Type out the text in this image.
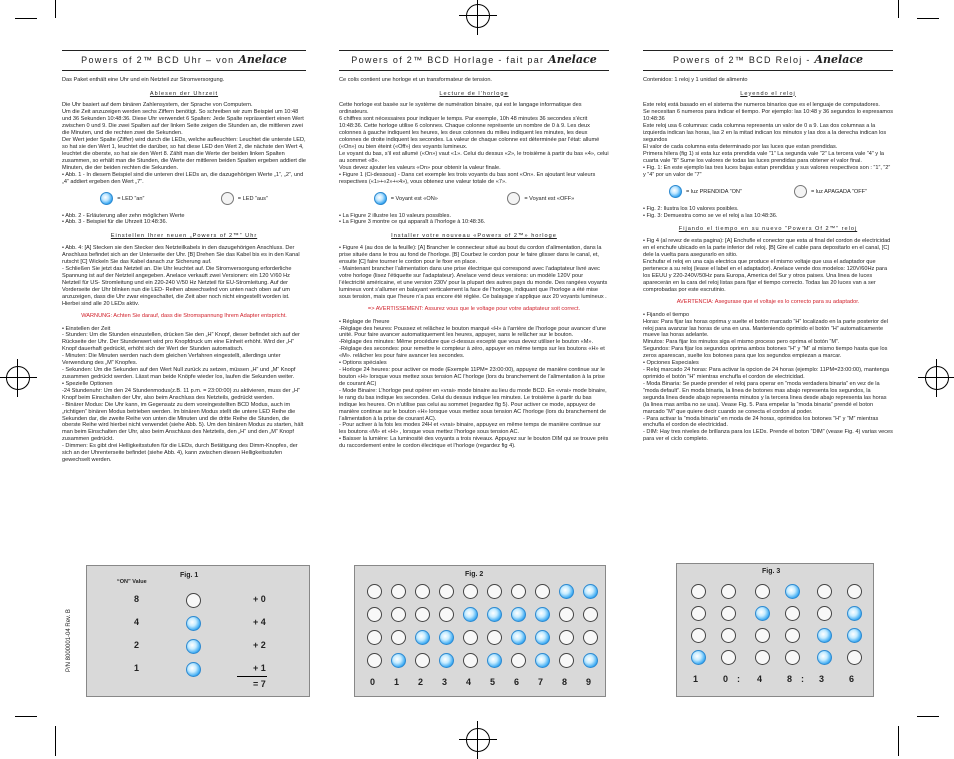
Powers of 2™ BCD Uhr – von Anelace
Das Paket enthält eine Uhr und ein Netzteil zur Stromversorgung.
Ablesen der Uhrzeit
Die Uhr basiert auf dem binären Zahlensystem, der Sprache von Computern.
Um die Zeit anzuzeigen werden sechs Ziffern benötigt. So schreiben wir zum Beispiel um 10:48 und 36 Sekunden 10:48:36. Diese Uhr verwendet 6 Spalten: Jede Spalte repräsentiert einen Wert zwischen 0 und 9. Die zwei Spalten auf der linken Seite zeigen die Stunden an, die mittleren zwei die Minuten, und die rechten zwei die Sekunden.
Der Wert jeder Spalte (Ziffer) wird durch die LEDs, welche aufleuchten: Leuchtet die unterste LED, so hat sie den Wert 1, leuchtet die darüber, so hat diese LED den Wert 2, die nächste den Wert 4, leuchtet die oberste, so hat sie den Wert 8. Zählt man die Werte der beiden linken Spalten zusammen, so erhält man die Stunden, die Werte der mittleren beiden Spalten ergeben addiert die Minuten, die der beiden rechten die Sekunden.
• Abb. 1 - In diesem Beispiel sind die unteren drei LEDs an, die dazugehörigen Werte „1“, „2“, und „4“ addiert ergeben den Wert „7“.
= LED “an”	= LED “aus”
• Abb. 2 - Erläuterung aller zehn möglichen Werte
• Abb. 3 - Beispiel für die Uhrzeit 10:48:36.
Einstellen Ihrer neuen „Powers of 2™“ Uhr
• Abb. 4: [A] Stecken sie den Stecker des Netzteilkabels in den dazugehörigen Anschluss. Der Anschluss befindet sich an der Unterseite der Uhr. [B] Drehen Sie das Kabel bis es in den Kanal rutscht [C] Wickeln Sie das Kabel danach zur Sicherung auf.
- Schließen Sie jetzt das Netzteil an. Die Uhr leuchtet auf. Die Stromversorgung erforderliche Spannung ist auf der Netzteil angegeben. Anelace verkauft zwei Versionen: ein 120 V/60 Hz Netzteil für US- Stromleitung und ein 220-240 V/50 Hz Netzteil für EU-Stromleitung. Auf der Vorderseite der Uhr blinken nun die LED- Reihen abwechselnd von unten nach oben auf um anzuzeigen, dass die Uhr zwar eingeschaltet, die Zeit aber noch nicht eingestellt worden ist. Hierbei sind alle 20 LEDs aktiv.
WARNUNG: Achten Sie darauf, dass die Stromspannung Ihrem Adapter entspricht.
• Einstellen der Zeit
- Stunden: Um die Stunden einzustellen, drücken Sie den „H“ Knopf, dieser befindet sich auf der Rückseite der Uhr. Der Stundenwert wird pro Knopfdruck um eine Einheit erhöht. Wird der „H“ Knopf dauerhaft gedrückt, erhöht sich der Wert der Stunden automatisch.
- Minuten: Die Minuten werden nach dem gleichen Verfahren eingestellt, allerdings unter Verwendung des „M“ Knopfes.
- Sekunden: Um die Sekunden auf den Wert Null zurück zu setzen, müssen „H“ und „M“ Knopf zusammen gedrückt werden. Lässt man beide Knöpfe wieder los, laufen die Sekunden weiter.
• Spezielle Optionen
-24 Stundenuhr: Um den 24 Stundenmodus(z.B. 11 p.m. = 23:00:00) zu aktivieren, muss der „H“ Knopf beim Einschalten der Uhr, also beim Anschluss des Netzteils, gedrückt werden.
- Binärer Modus: Die Uhr kann, im Gegensatz zu dem voreingestellten BCD Modus, auch im „richtigen“ binären Modus betrieben werden. Im binären Modus stellt die untere LED Reihe die Sekunden dar, die zweite Reihe von unten die Minuten und die dritte Reihe die Stunden, die oberste Reihe wird hierbei nicht verwendet (siehe Abb. 5). Um den binären Modus zu starten, hält man beim Einschalten der Uhr, also beim Anschluss des Netzteils, den „H“ und den „M“ Knopf zusammen gedrückt.
- Dimmen: Es gibt drei Helligkeitsstufen für die LEDs, durch Betätigung des Dimm-Knopfes, der sich an der Uhrenterseite befindet (siehe Abb. 4), kann zwischen diesen Helligkeitsstufen gewechselt werden.
Powers of 2™ BCD Horlage - fait par Anelace
Ce colis contient une horloge et un transformateur de tension.
Lecture de l’horloge
Cette horloge est basée sur le système de numération binaire, qui est le langage informatique des ordinateurs.
6 chiffres sont nécessaires pour indiquer le temps. Par exemple, 10h 48 minutes 36 secondes s’écrit 10:48:36. Cette horloge utilise 6 colonnes. Chaque colonne représente un nombre de 0 à 9. Les deux colonnes à gauche indiquent les heures, les deux colonnes du milieu indiquent les minutes, les deux colonnes de droite indiquent les secondes. La valeur de chaque colonne est déterminée par l’état: allumé («On») ou bien éteint («Off») des voyants lumineux.
Le voyant du bas, s’il est allumé («On») vaut «1». Celui du dessus «2», le troisième à partir du bas «4», celui au sommet «8».
Vous devez ajouter les valeurs «On» pour obtenir la valeur finale.
• Figure 1 (Ci-dessous) - Dans cet exemple les trois voyants du bas sont «On». En ajoutant leur valeurs respectives («1»+«2»+«4»), vous obtenez une valeur totale de «7».
= Voyant est «ON»	= Voyant est «OFF»
• La Figure 2 illustre les 10 valeurs possibles.
• La Figure 3 montre ce qui apparaît à l’horloge à 10:48:36.
Installer votre nouveau «Powers of 2™» horloge
• Figure 4 (au dos de la feuille): [A] Brancher le connecteur situé au bout du cordon d’alimentation, dans la prise située dans le trou au fond de l’horloge. [B] Courbez le cordon pour le faire glisser dans le canal, et, ensuite [C] faire tourner le cordon pour le fixer en place.
- Maintenant brancher l’alimentation dans une prise électrique qui correspond avec l’adaptateur livré avec votre horloge (lisez l’étiquette sur l’adaptateur). Anelace vend deux versions: un modèle 120V pour l’électricité américaine, et une version 230V pour la plupart des autres pays du monde. Des rangées voyants lumineux vont s’allumer en balayant verticalement la face de l’horloge, indiquant que l’horloge a été mise sous tension, mais que l’heure n’a pas encore été réglée. Ce balayage s’applique aux 20 voyants lumineux .
=> AVERTISSEMENT: Assurez vous que le voltage pour votre adaptateur soit correct.
• Réglage de l’heure
-Réglage des heures: Poussez et relâchez le bouton marqué «H» à l’arrière de l’horloge pour avancer d’une unité. Pour faire avancer automatiquement les heures, appuyer, sans le relâcher sur le bouton.
-Réglage des minutes: Même procédure que ci-dessus excepté que vous devez utiliser le bouton «M».
-Réglage des secondes: pour remettre le compteur à zéro, appuyer en même temps sur les boutons «H» et «M». relâcher les pour faire avancer les secondes.
• Options spéciales
- Horloge 24 heures: pour activer ce mode (Exemple 11PM= 23:00:00), appuyez de manière continue sur le bouton «H» lorsque vous mettez sous tension AC l’horloge (lors du branchement de l’alimentation à la prise de courant AC)
- Mode Binaire: L’horloge peut opérer en «vrai» mode binaire au lieu du mode BCD. En «vrai» mode binaire, le rang du bas indique les secondes. Celui du dessus indique les minutes. Le troisième à partir du bas indique les heures. On n’utilise pas celui au sommet (regardez fig 5). Pour activer ce mode, appuyez de manière continue sur le bouton «H» lorsque vous mettez sous tension AC l’horloge (lors du branchement de l’alimentation à la prise de courant AC).
- Pour activer à la fois les modes 24H et «vrai» binaire, appuyez en même temps de manière continue sur les boutons «M» et «H» , lorsque vous mettez l’horloge sous tension AC.
• Baisser la lumière: La luminosité des voyants a trois niveaux. Appuyez sur le bouton DIM qui se trouve près du raccordement entre le cordon électrique et l’horloge (regardez fig 4).
Powers of 2™ BCD Reloj - Anelace
Contenidos: 1 reloj y 1 unidad de alimento
Leyendo el reloj
Este reloj está basado en el sistema the numeros binarios que es el lenguaje de computadores.
Se necesitan 6 numeros para indicar el tiempo. Por ejemplo: las 10:48 y 36 segundos lo expresamos 10:48:36
Este reloj usa 6 columnas: cada columna representa un valor de 0 a 9. Las dos columnas a la izquierda indican las horas, las 2 en la mitad indican los minutos y las dos a la derecha indican los segundos
El valor de cada columna esta determinado por las luces que estan prendidas.
Primera hilera (fig 1) si esta luz esta prendida vale “1” La segunda vale “2” La tercera vale “4” y la cuarta vale “8” Sume los valores de todas las luces prendidas para obtener el valor final.
• Fig. 1: En este ejemplo las tres luces bajas estan prendidas y sus valores respectivos son : “1”, “2” y “4” por un valor de “7”
= luz PRENDIDA “ON”	= luz APAGADA “OFF”
• Fig. 2: Ilustra los 10 valores posibles.
• Fig. 3: Demuestra como se ve el reloj a las 10:48:36.
Fijando el tiempo en su nuevo “Powers Of 2™” reloj
• Fig 4 (al revez de esta pagina): [A] Enchufle el conector que esta al final del cordon de electricidad en el enchufe ubicado en la parte inferior del reloj. [B] Gire el cable para depositarlo en el canal, [C] dele la vuelta para asegurarlo en sitio.
Enchufar el reloj en una caja electrica que produce el mismo voltaje que usa el adaptador que pertenece a su reloj (lease el label en el adaptador). Anelace vende dos modelos: 120V/60Hz para los EEUU y 220-240V/50Hz para Europa, America del Sur y otros paises. Una linea de luces aparecerán en la cara del reloj listas para fijar el tiempo correcto. Todas las 20 luces van a ser comprobadas por este escrutinio.
AVERTENCIA: Asegurase que el voltaje es lo correcto para su adaptador.
• Fijando el tiempo
Horas: Para fijar las horas oprima y suelte el botón marcado “H” localizado en la parte posterior del reloj para avanzar las horas de una en una. Manteniendo oprimido el botón “H” automaticamente mueve las horas adelante.
Minutos: Para fijar los minutos siga el mismo proceso pero oprima el botón “M”.
Segundos: Para fijar los segundos oprima ambos botones “H” y “M” al mismo tiempo hasta que los zeros aparescan, suelte los botones para que los segundos empiezan a marcar.
• Opciones Especiales
- Reloj marcado 24 horas: Para activar la opcion de 24 horas (ejemplo: 11PM=23:00:00), mantenga oprimido el botón “H” mientras enchufla el cordon de electricidad.
- Moda Binaria: Se puede prender el reloj para operar en “moda verdadera binaria” en vez de la “moda default”. En moda binaria, la linea de botones mas abajo representa los segundos, la segunda linea desde abajo representa minutos y la tercera linea desde abajo representa las horas (la linea mas arriba no se usa). Vease Fig. 5. Para empelar la “moda binaria” prendé el boton marcado “M” que quiere decir cuando se conecta el cordon al poder.
- Para activar la “moda binaria” en moda de 24 horas, oprimidos los botones “H” y “M” mientras enchufla el cordon de electricidad.
- DIM: Hay tres niveles de brillanza para los LEDs. Prende el boton “DIM” (vease Fig. 4) varias veces para ver el ciclo completo.
P/N 8000001-04 Rev. B
Fig. 1
“ON” Value
= 7
8	+ 0
4	+ 4
2	+ 2
1	+ 1
Fig. 2
0 1 2 3 4 5 6 7 8 9
Fig. 3
1	0 : 4	8 : 3	6
